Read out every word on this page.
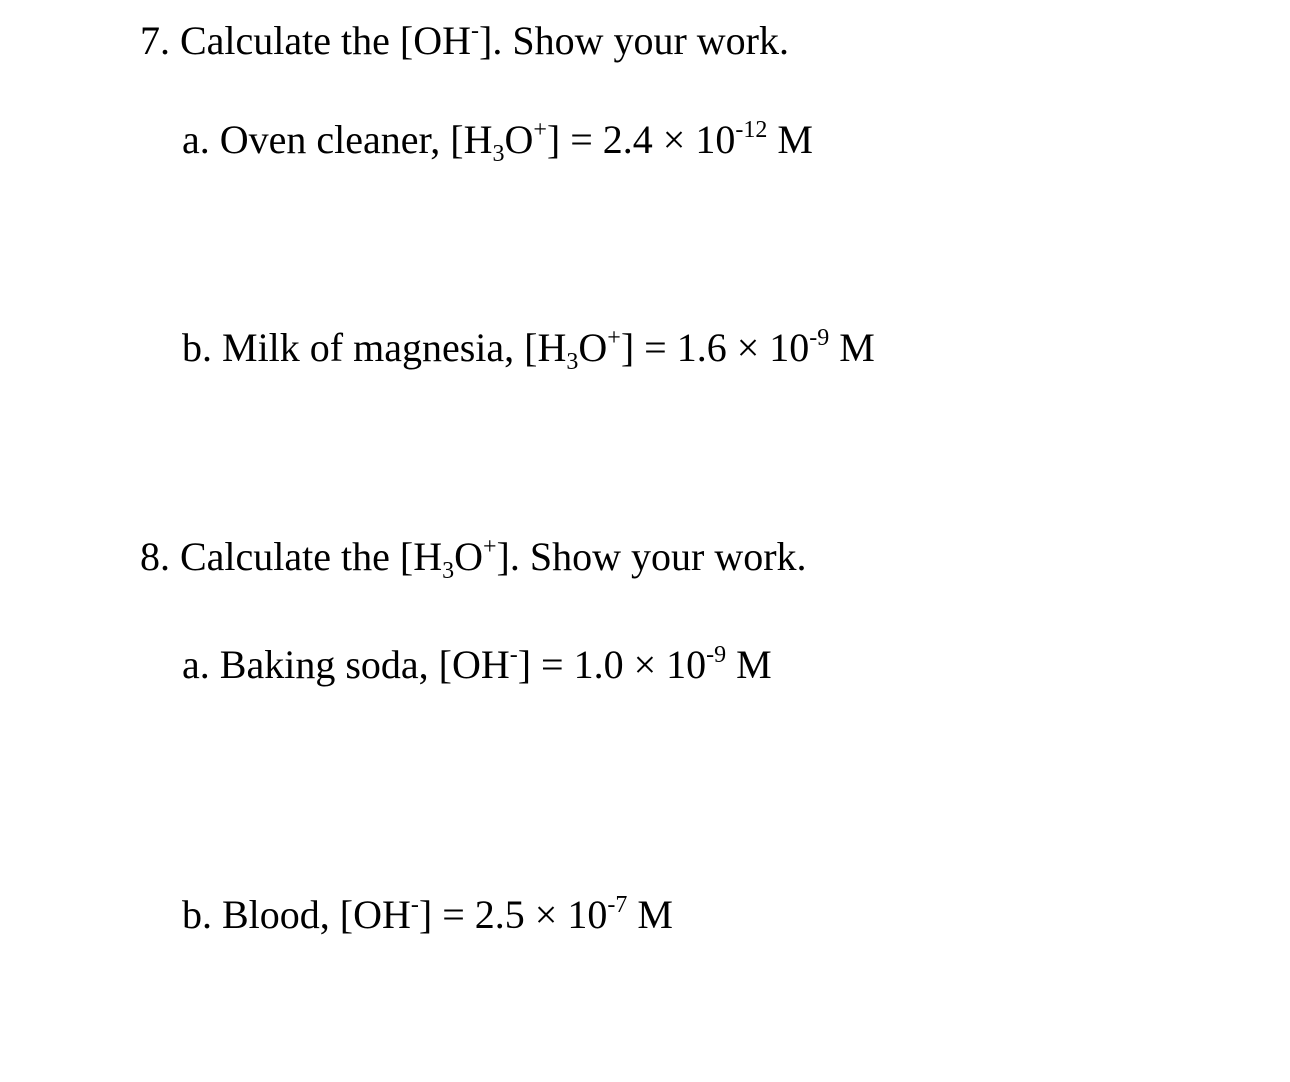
7. Calculate the [OH-]. Show your work.
a. Oven cleaner, $[H_3O^+] = 2.4 \times 10^{-12}$ M
b. Milk of magnesia, $[H_3O^+] = 1.6 \times 10^{-9}$ M
8. Calculate the $[H_3O^+]$. Show your work.
a. Baking soda, $[OH^-] = 1.0 \times 10^{-9}$ M
b. Blood, $[OH^-] = 2.5 \times 10^{-7}$ M
